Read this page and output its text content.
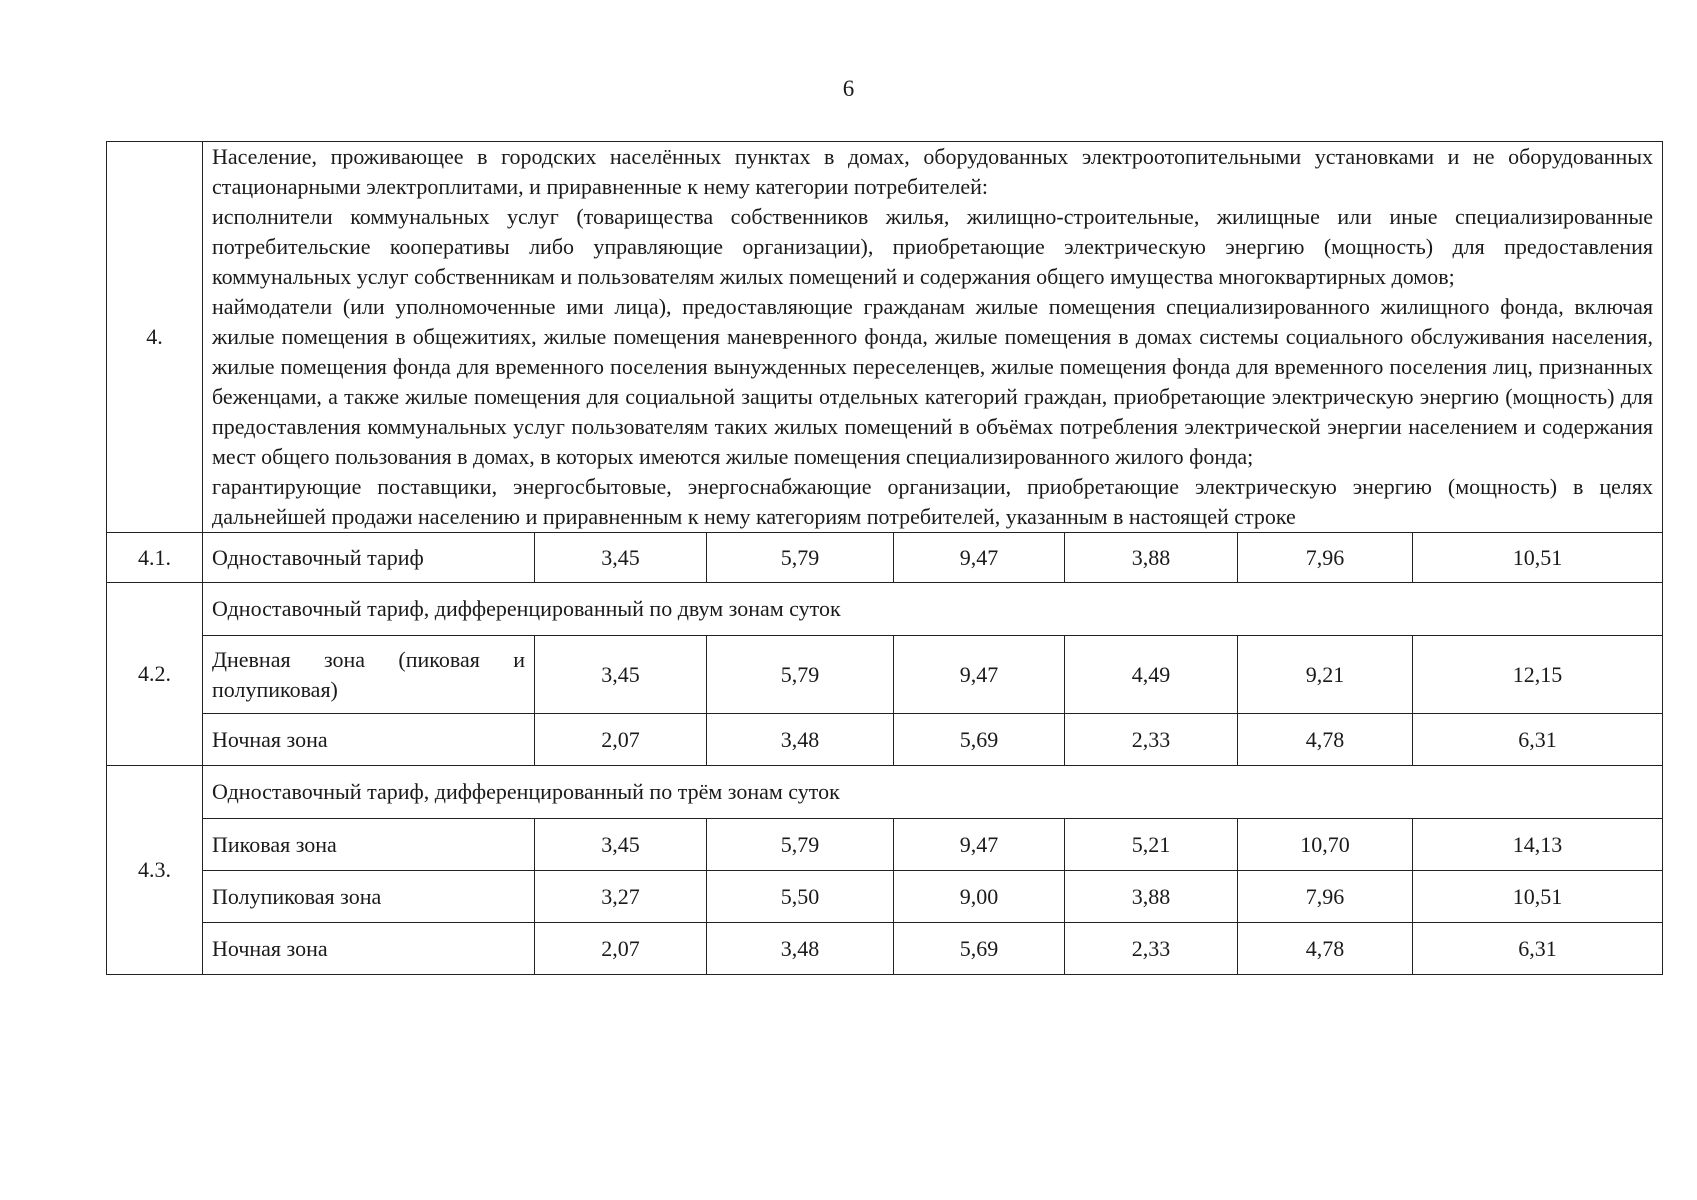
6
4.	Население, проживающее в городских населённых пунктах в домах, оборудованных электроотопительными установками и не оборудованных стационарными электроплитами, и приравненные к нему категории потребителей:

исполнители коммунальных услуг (товарищества собственников жилья, жилищно-строительные, жилищные или иные специализированные потребительские кооперативы либо управляющие организации), приобретающие электрическую энергию (мощность) для предоставления коммунальных услуг собственникам и пользователям жилых помещений и содержания общего имущества многоквартирных домов;

наймодатели (или уполномоченные ими лица), предоставляющие гражданам жилые помещения специализированного жилищного фонда, включая жилые помещения в общежитиях, жилые помещения маневренного фонда, жилые помещения в домах системы социального обслуживания населения, жилые помещения фонда для временного поселения вынужденных переселенцев, жилые помещения фонда для временного поселения лиц, признанных беженцами, а также жилые помещения для социальной защиты отдельных категорий граждан, приобретающие электрическую энергию (мощность) для предоставления коммунальных услуг пользователям таких жилых помещений в объёмах потребления электрической энергии населением и содержания мест общего пользования в домах, в которых имеются жилые помещения специализированного жилого фонда;

гарантирующие поставщики, энергосбытовые, энергоснабжающие организации, приобретающие электрическую энергию (мощность) в целях дальнейшей продажи населению и приравненным к нему категориям потребителей, указанным в настоящей строке						

4.1.	Одноставочный тариф	3,45	5,79	9,47	3,88	7,96	10,51
4.2.	Одноставочный тариф, дифференцированный по двум зонам суток						
	Дневная зона (пиковая и полупиковая)	3,45	5,79	9,47	4,49	9,21	12,15
	Ночная зона	2,07	3,48	5,69	2,33	4,78	6,31
4.3.	Одноставочный тариф, дифференцированный по трём зонам суток						
	Пиковая зона	3,45	5,79	9,47	5,21	10,70	14,13
	Полупиковая зона	3,27	5,50	9,00	3,88	7,96	10,51
	Ночная зона	2,07	3,48	5,69	2,33	4,78	6,31
